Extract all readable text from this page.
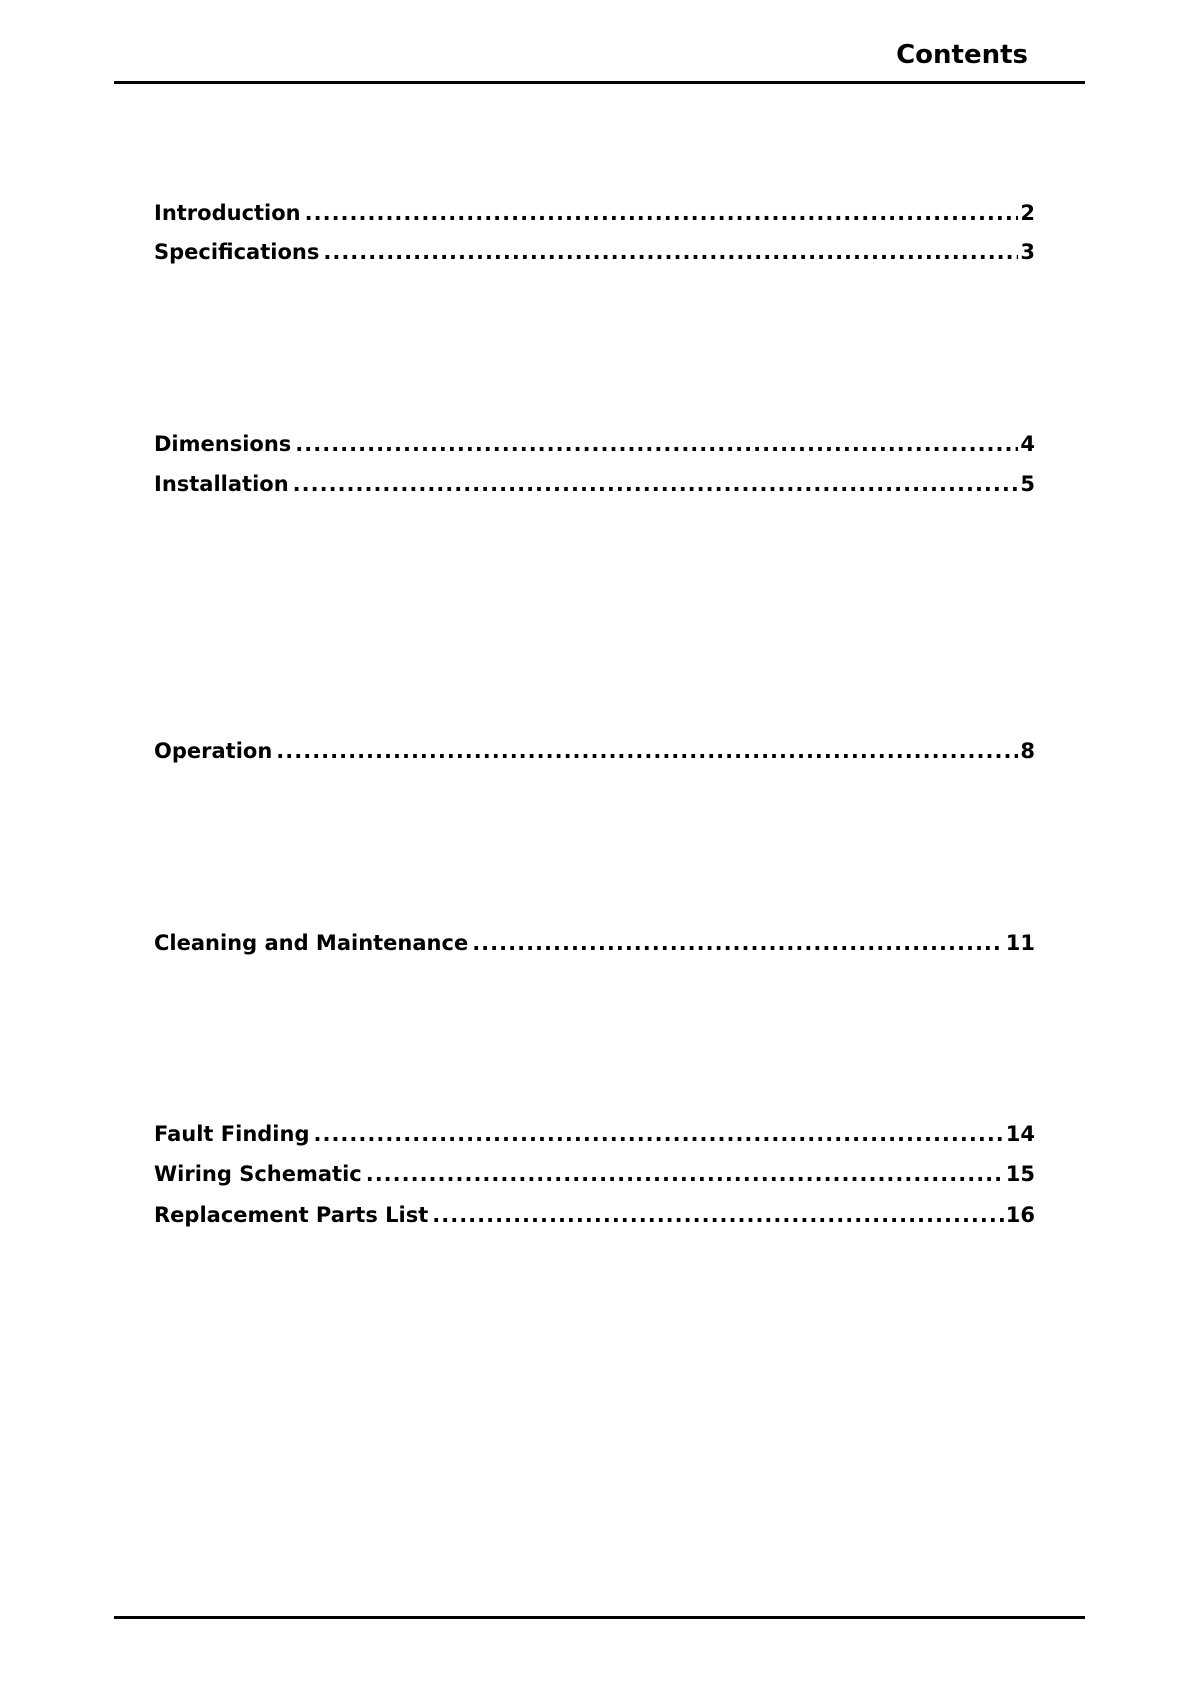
Contents
Introduction .....	2
Specifications .....	3
Dimensions .....	4
Installation .....	5
Operation .....	8
Cleaning and Maintenance .....	11
Fault Finding .....	14
Wiring Schematic .....	15
Replacement Parts List .....	16
